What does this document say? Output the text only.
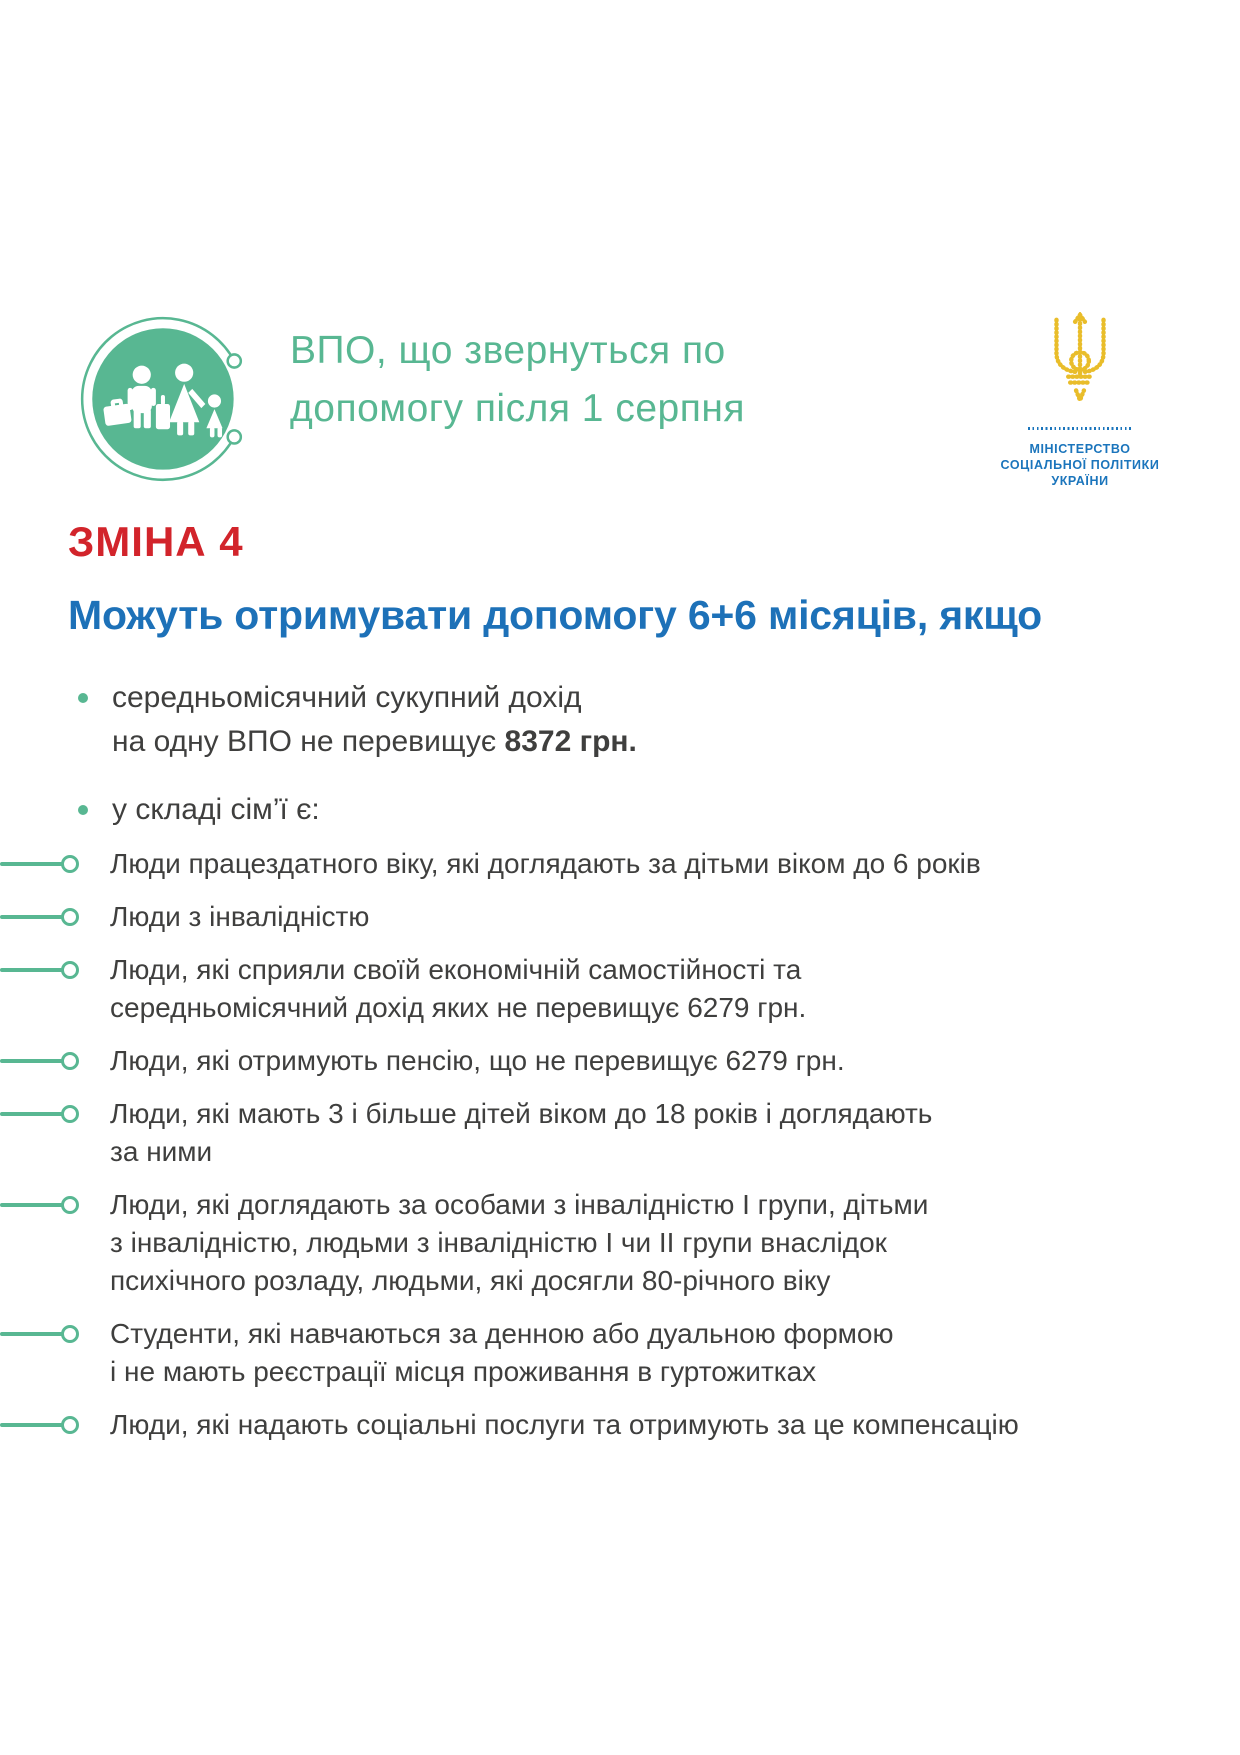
ВПО, що звернуться по
допомогу після 1 серпня
МІНІСТЕРСТВО
СОЦІАЛЬНОЇ ПОЛІТИКИ
УКРАЇНИ
ЗМІНА 4
Можуть отримувати допомогу 6+6 місяців, якщо
середньомісячний сукупний дохід
на одну ВПО не перевищує 8372 грн.
у складі сім’ї є:
Люди працездатного віку, які доглядають за дітьми віком до 6 років
Люди з інвалідністю
Люди, які сприяли своїй економічній самостійності та
середньомісячний дохід яких не перевищує 6279 грн.
Люди, які отримують пенсію, що не перевищує 6279 грн.
Люди, які мають 3 і більше дітей віком до 18 років і доглядають
за ними
Люди, які доглядають за особами з інвалідністю І групи, дітьми
з інвалідністю, людьми з інвалідністю І чи ІІ групи внаслідок
психічного розладу, людьми, які досягли 80-річного віку
Студенти, які навчаються за денною або дуальною формою
і не мають реєстрації місця проживання в гуртожитках
Люди, які надають соціальні послуги та отримують за це компенсацію
